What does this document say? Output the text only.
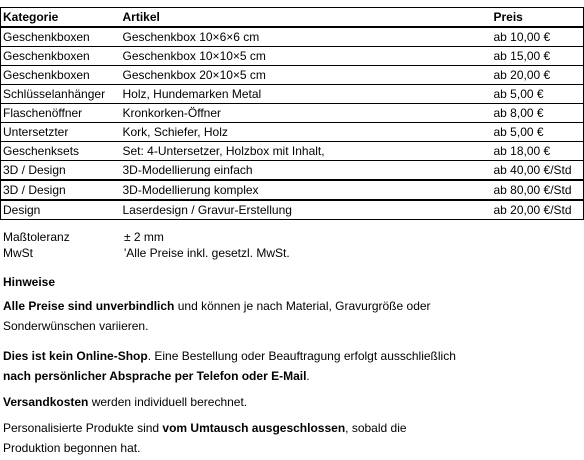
Kategorie	Artikel	Preis
Geschenkboxen	Geschenkbox 10×6×6 cm	ab 10,00 €
Geschenkboxen	Geschenkbox 10×10×5 cm	ab 15,00 €
Geschenkboxen	Geschenkbox 20×10×5 cm	ab 20,00 €
Schlüsselanhänger	Holz, Hundemarken Metal	ab 5,00 €
Flaschenöffner	Kronkorken-Öffner	ab 8,00 €
Untersetzter	Kork, Schiefer, Holz	ab 5,00 €
Geschenksets	Set: 4-Untersetzer, Holzbox mit Inhalt,	ab 18,00 €
3D / Design	3D-Modellierung einfach	ab 40,00 €/Std
3D / Design	3D-Modellierung komplex	ab 80,00 €/Std
Design	Laserdesign / Gravur-Erstellung	ab 20,00 €/Std
Maßtoleranz	± 2 mm
MwSt	'Alle Preise inkl. gesetzl. MwSt.
Hinweise
Alle Preise sind unverbindlich und können je nach Material, Gravurgröße oder
Sonderwünschen variieren.
Dies ist kein Online-Shop. Eine Bestellung oder Beauftragung erfolgt ausschließlich
nach persönlicher Absprache per Telefon oder E-Mail.
Versandkosten werden individuell berechnet.
Personalisierte Produkte sind vom Umtausch ausgeschlossen, sobald die
Produktion begonnen hat.
